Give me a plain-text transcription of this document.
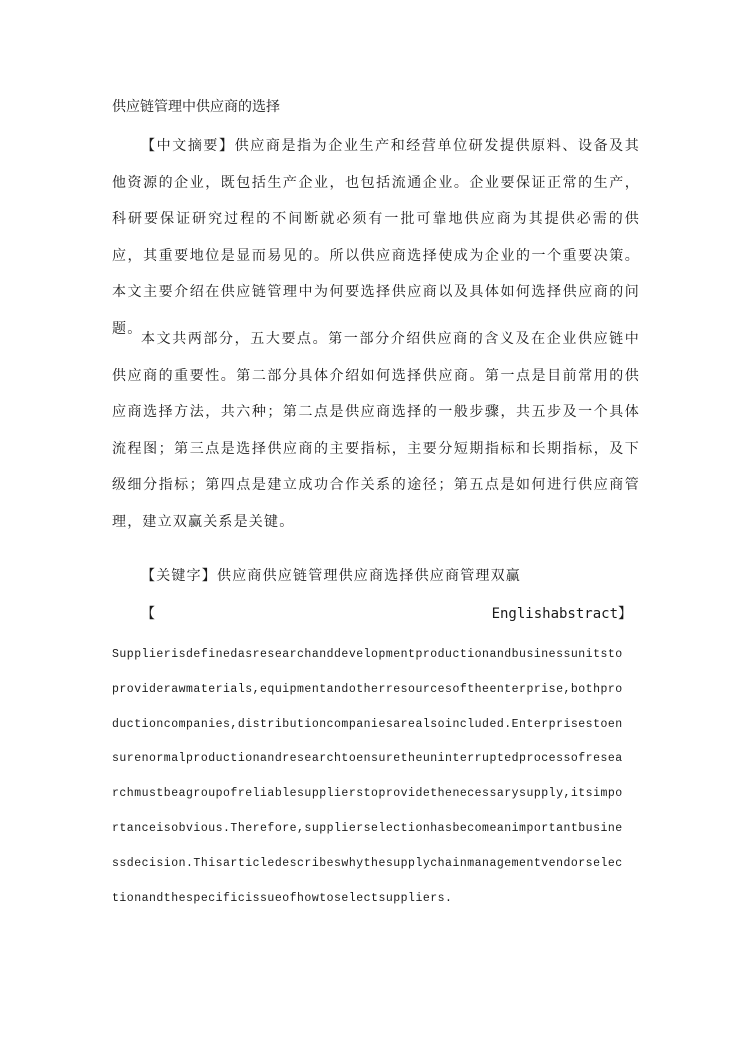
供应链管理中供应商的选择

【中文摘要】供应商是指为企业生产和经营单位研发提供原料、设备及其他资源的企业，既包括生产企业，也包括流通企业。企业要保证正常的生产，科研要保证研究过程的不间断就必须有一批可靠地供应商为其提供必需的供应，其重要地位是显而易见的。所以供应商选择使成为企业的一个重要决策。本文主要介绍在供应链管理中为何要选择供应商以及具体如何选择供应商的问题。

本文共两部分，五大要点。第一部分介绍供应商的含义及在企业供应链中供应商的重要性。第二部分具体介绍如何选择供应商。第一点是目前常用的供应商选择方法，共六种；第二点是供应商选择的一般步骤，共五步及一个具体流程图；第三点是选择供应商的主要指标，主要分短期指标和长期指标，及下级细分指标；第四点是建立成功合作关系的途径；第五点是如何进行供应商管理，建立双赢关系是关键。

【关键字】供应商供应链管理供应商选择供应商管理双赢

【	Englishabstract】
Supplierisdefinedasresearchanddevelopmentproductionandbusinessunitsto
providerawmaterials,equipmentandotherresourcesoftheenterprise,bothpro
ductioncompanies,distributioncompaniesarealsoincluded.Enterprisestoen
surenormalproductionandresearchtoensuretheuninterruptedprocessofresea
rchmustbeagroupofreliablesupplierstoprovidethenecessarysupply,itsimpo
rtanceisobvious.Therefore,supplierselectionhasbecomeanimportantbusine
ssdecision.Thisarticledescribeswhythesupplychainmanagementvendorselec
tionandthespecificissueofhowtoselectsuppliers.
